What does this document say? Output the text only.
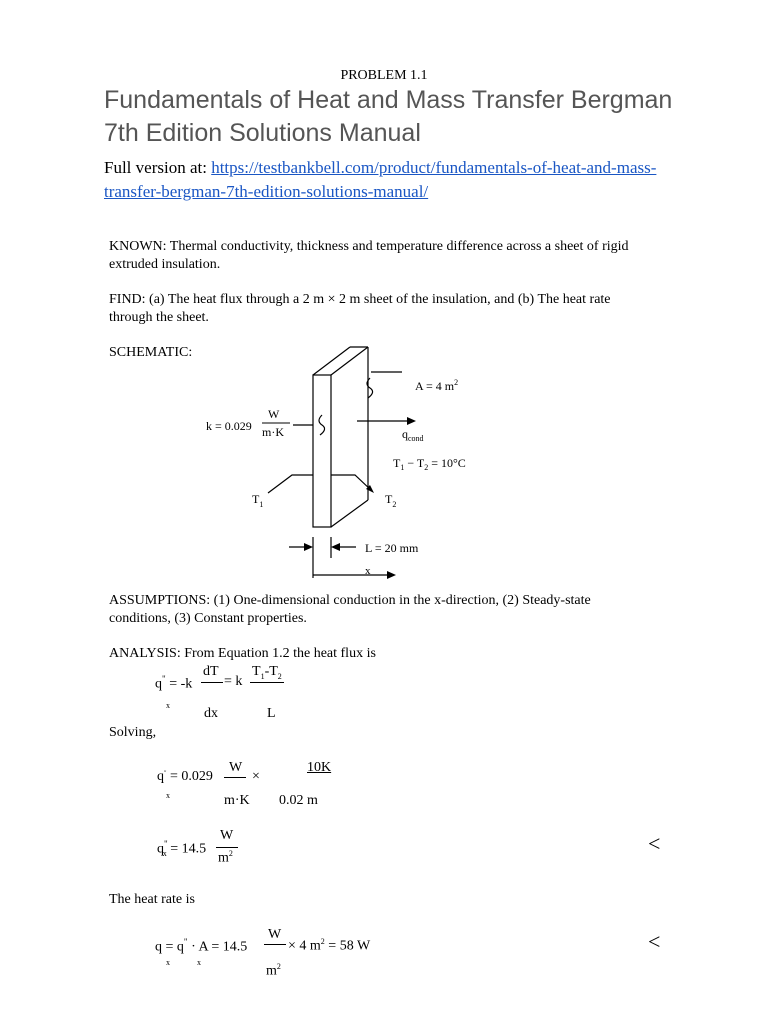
PROBLEM 1.1
Fundamentals of Heat and Mass Transfer Bergman
7th Edition Solutions Manual
Full version at: https://testbankbell.com/product/fundamentals-of-heat-and-mass-
transfer-bergman-7th-edition-solutions-manual/
KNOWN: Thermal conductivity, thickness and temperature difference across a sheet of rigid
extruded insulation.
FIND: (a) The heat flux through a 2 m × 2 m sheet of the insulation, and (b) The heat rate
through the sheet.
SCHEMATIC:
A = 4 $m^2$
k = 0.029
W
m·K	$q_{cond}$
$T_1 - T_2 = 10^\circ C$
$T_1$	$T_2$
L = 20 mm
x
ASSUMPTIONS: (1) One-dimensional conduction in the x-direction, (2) Steady-state
conditions, (3) Constant properties.
ANALYSIS: From Equation 1.2 the heat flux is
q" = -k
dT
= k
$T_1-T_2$
x
dx	L
Solving,
q" = 0.029
W
×
10K
x	m·K 0.02 m
$q^"_x = 14.5$
W
$m^2$	<
The heat rate is
q = q" · A = 14.5
W
× 4 $m^2 = 58$ W
x	x
$m^2$
<
